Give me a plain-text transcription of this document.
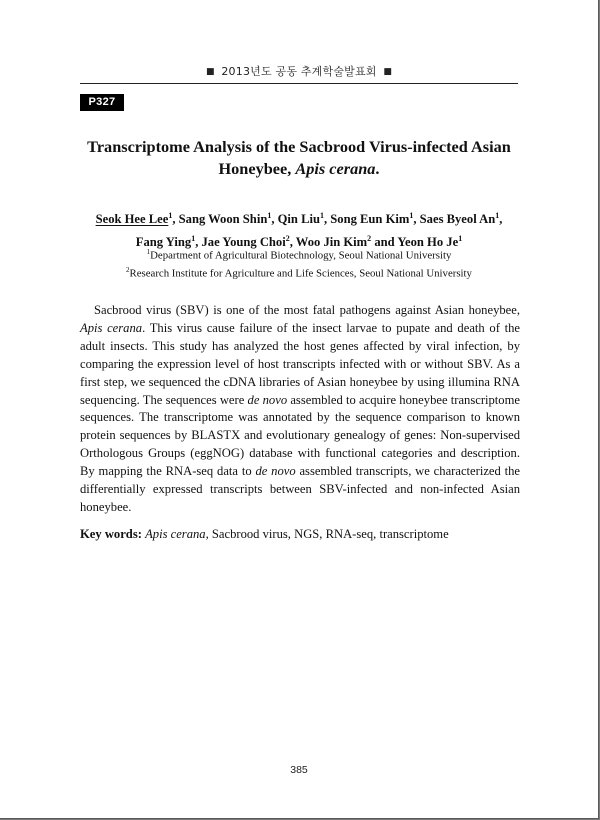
■ 2013년도 공동 추계학술발표회 ■
P327
Transcriptome Analysis of the Sacbrood Virus-infected Asian
Honeybee, Apis cerana.
Seok Hee Lee$^1$, Sang Woon Shin$^1$, Qin Liu$^1$, Song Eun Kim$^1$, Saes Byeol An$^1$,
Fang Ying$^1$, Jae Young Choi$^2$, Woo Jin Kim$^2$ and Yeon Ho Je$^1$
$^1$Department of Agricultural Biotechnology, Seoul National University
$^2$Research Institute for Agriculture and Life Sciences, Seoul National University
Sacbrood virus (SBV) is one of the most fatal pathogens against Asian honeybee, Apis cerana. This virus cause failure of the insect larvae to pupate and death of the adult insects. This study has analyzed the host genes affected by viral infection, by comparing the expression level of host transcripts infected with or without SBV. As a first step, we sequenced the cDNA libraries of Asian honeybee by using illumina RNA sequencing. The sequences were de novo assembled to acquire honeybee transcriptome sequences. The transcriptome was annotated by the sequence comparison to known protein sequences by BLASTX and evolutionary genealogy of genes: Non-supervised Orthologous Groups (eggNOG) database with functional categories and description. By mapping the RNA-seq data to de novo assembled transcripts, we characterized the differentially expressed transcripts between SBV-infected and non-infected Asian honeybee.
Key words: Apis cerana, Sacbrood virus, NGS, RNA-seq, transcriptome
385
